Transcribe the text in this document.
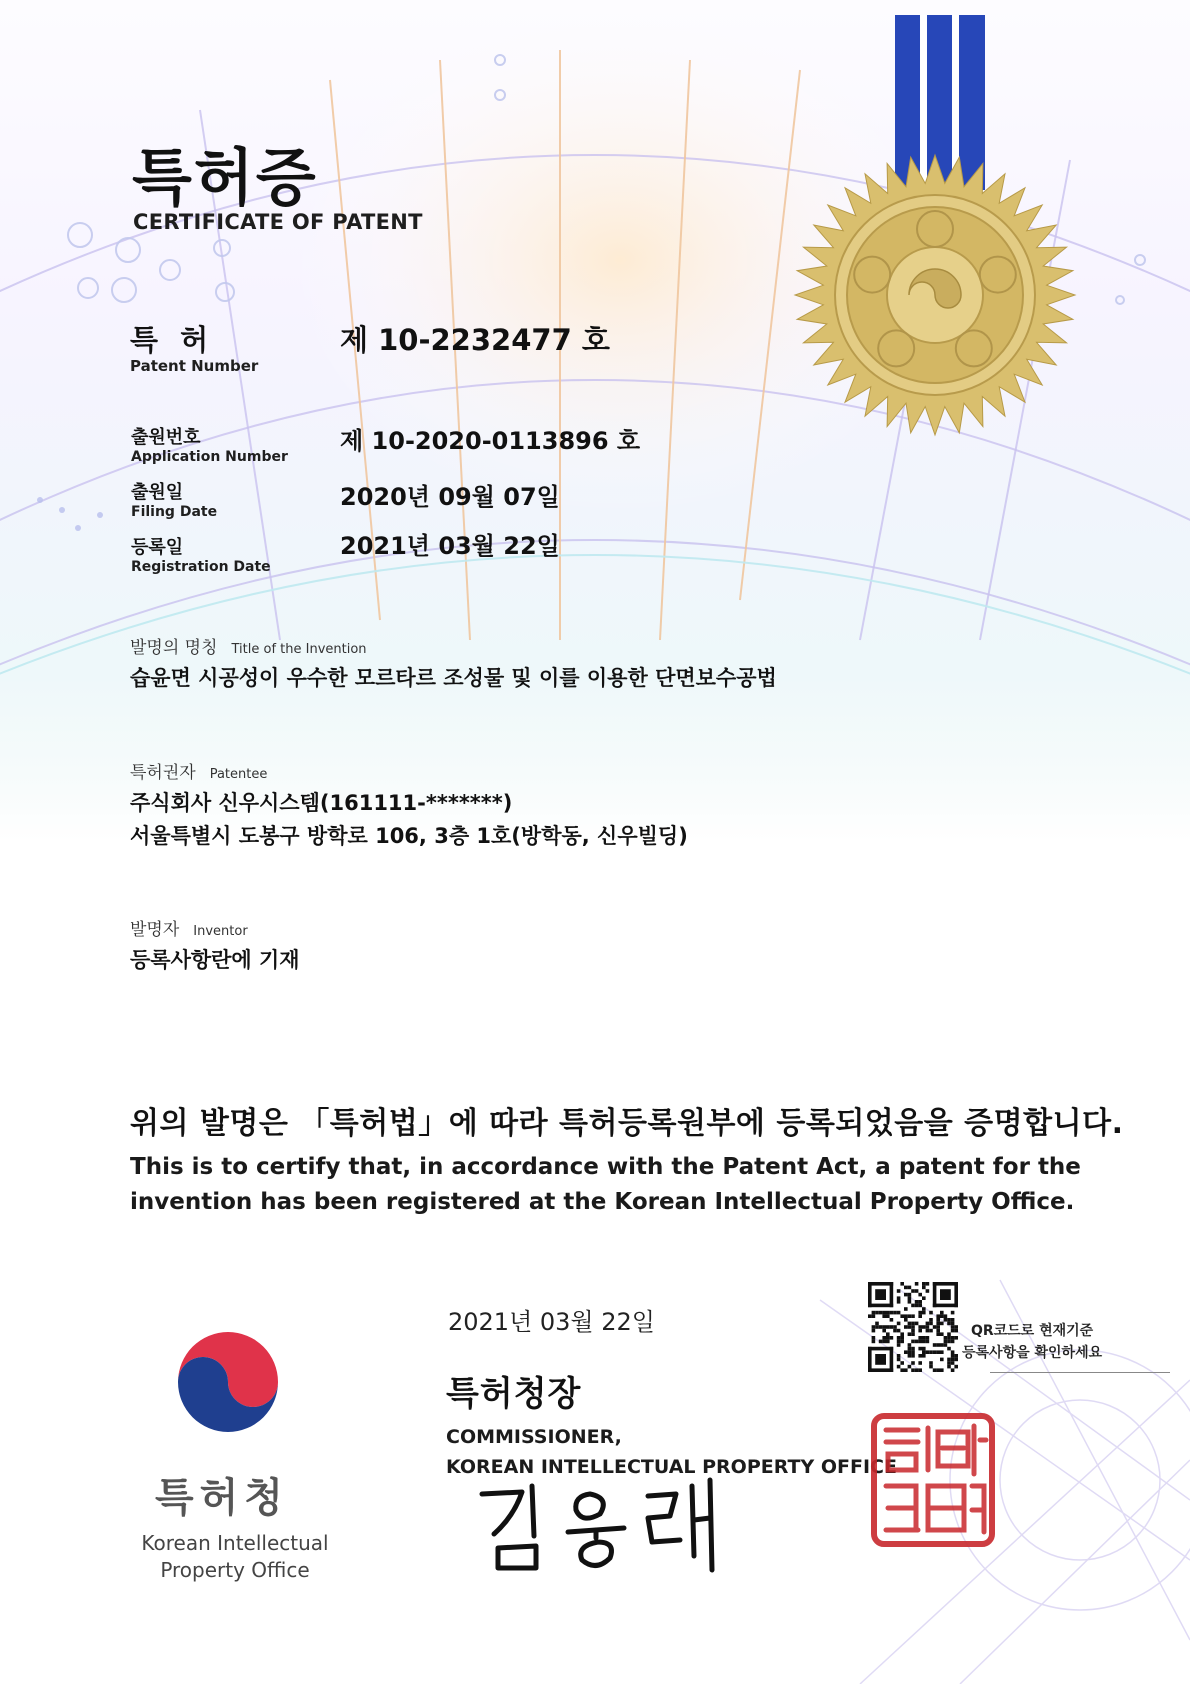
특허증
CERTIFICATE OF PATENT
특 허
Patent Number
제 10-2232477 호
출원번호
Application Number
제 10-2020-0113896 호
출원일
Filing Date
2020년 09월 07일
등록일
Registration Date
2021년 03월 22일
발명의 명칭 Title of the Invention
습윤면 시공성이 우수한 모르타르 조성물 및 이를 이용한 단면보수공법
특허권자 Patentee
주식회사 신우시스템(161111-*******)
서울특별시 도봉구 방학로 106, 3층 1호(방학동, 신우빌딩)
발명자 Inventor
등록사항란에 기재
위의 발명은 「특허법」에 따라 특허등록원부에 등록되었음을 증명합니다.
This is to certify that, in accordance with the Patent Act, a patent for the
invention has been registered at the Korean Intellectual Property Office.
특허청
Korean Intellectual
Property Office
2021년 03월 22일
특허청장
COMMISSIONER,
KOREAN INTELLECTUAL PROPERTY OFFICE
QR코드로 현재기준
등록사항을 확인하세요
